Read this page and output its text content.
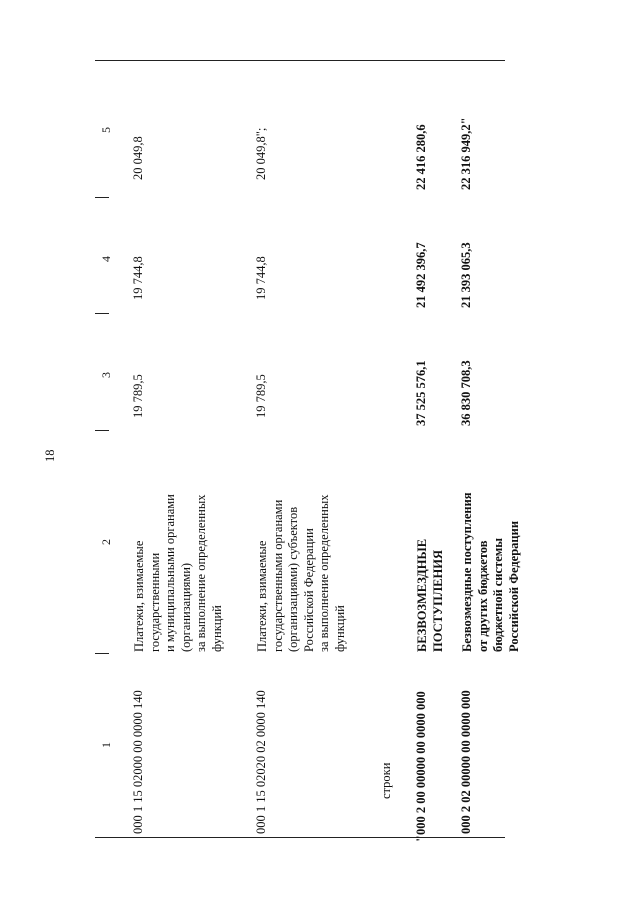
18
1
2
3
4
5
строки
000 1 15 02000 00 0000 140
Платежи, взимаемые государственными и муниципальными органами (организациями) за выполнение определенных функций
19 789,5
19 744,8
20 049,8
000 1 15 02020 02 0000 140
Платежи, взимаемые государственными органами (организациями) субъектов Российской Федерации за выполнение определенных функций
19 789,5
19 744,8
20 049,8";
"000 2 00 00000 00 0000 000
БЕЗВОЗМЕЗДНЫЕ ПОСТУПЛЕНИЯ
37 525 576,1
21 492 396,7
22 416 280,6
000 2 02 00000 00 0000 000
Безвозмездные поступления от других бюджетов бюджетной системы Российской Федерации
36 830 708,3
21 393 065,3
22 316 949,2"
